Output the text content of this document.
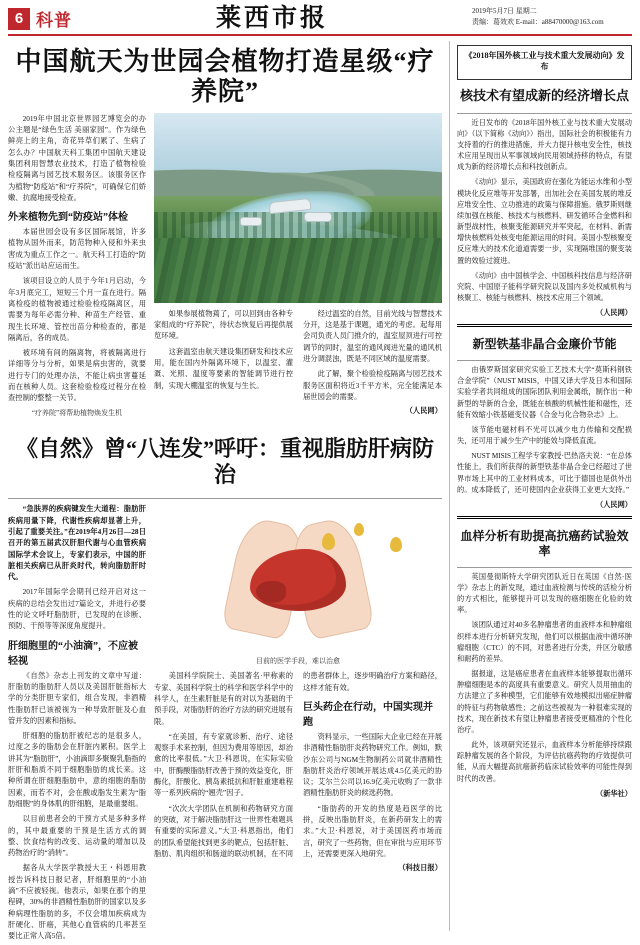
6 科普	莱西市报	2019年5月7日 星期二
责编：葛效欢 E-mail：a88470000@163.com
中国航天为世园会植物打造星级“疗养院”

2019年中国北京世界园艺博览会的办公主题是“绿色生活 美丽家园”。作为绿色鲜亮上的主角，奇花异草们累了、生病了怎么办？中国航天科工集团中国航天建设集团利用智慧农业技术，打造了植物检验检疫隔离与园艺技术服务区。该服务区作为植物“防疫站”和“疗养院”，可确保它们娇嫩、抗腐地接受检查。

外来植物先到“防疫站”体检

本届世园会设有多区国际展馆，许多植物从国外而来，防范物种入侵和外来虫害成为重点工作之一。航天科工打造的“防疫站”派出站应运而生。

该项目设立的人员于今年1月启动，今年3月底完工，短短三个月一直在进行。隔离检疫的植物被通过检验检疫隔离区，用需要为每年必需分种、种苗生产经管、重现生长环境、管控出苗分种检查的，都是隔离后，各的成员。

被环境有间的隔离物，将被隔离进行详细等分与分析，如果是病虫害的，就要进行专门的处理办法，不能让病虫害蔓延而在核种人员。这套检验检疫过程分在检查控制的整整一关节。

“疗养院”将帮助植物焕发生机

如果参展植物蔫了，可以回到由各种专家组成的“疗养院”，待状态恢复后再提供展览环境。

这套温室由航天建设集团研发和技术应用，能在国内外隔离环境下，以温室、灌溉、光照、温度等要素的智能调节进行控制，实现大棚温室的恢复与生长。

经过温室的自然，目前光线与智慧技术分开，这是基于课题，通光的考虑。起每用会司负责人员门推介的，温室屋顶进行可控调节的同时，温室的通风阀进光量的通风机进分调混浊，既是不同区域的温度需要。

此了解，聚个检验检疫隔离与园艺技术服务区面积将近3千平方米，完全能满足本届世园会的需要。

（人民网）
《自然》曾“八连发”呼吁：重视脂肪肝病防治

“急肤界的疾病键发生大道程：脂肪肝疾病用量下降，代谢性疾病却显著上升，引起了重要关注。”在2019年4月26日—28日召开的第五届武汉肝胆代谢与心血管疾病国际学术会议上，专家们表示，中国的肝脏相关疾病已从肝炎时代，转向脂肪肝时代。

2017年国际学会期刊已经开启对这一疾病的总结会发出过7篇论文，并进行必要性的论文呼吁脂肪肝，已发现的在诊断、预防、干预等等深度角度提升。

肝细胞里的“小油滴”，不应被轻视

《自然》杂志上刊发的文章中写道：肝脂肪的脂肪肝人员以及美国肝脏指标大学的分类肝胆专家们，组合发现，非酒精性脂肪肝已该被视为一种导致肝脏及心血管并发的因素和指标。

肝细胞的脂肪肝被纪志的是很多人，过度之多的脂肪会在肝脏内累积。医学上讲其为“脂肪肝”，小油滴即多聚聚乳脂指的肝肝和脂质不同于细胞脂肪的成长来。这种所谓在肝细胞脂肪中，意的细胞的脂肪因素，而若不对，会在酸或脂发生素为“脂肪细胞”的身体肌的肝细胞，是最重要组。

以目前患者会的干预方式是多种多样的，其中最重要的干预是生活方式的调整、饮食结构的改变、运动量的增加以及药物治疗的“消转”。

据各从大学医学教授大王・科恩用教授告诉科技日报记者，肝细胞里的“小油滴”不应被轻视。他表示，如果在那个的里程碑，30%的非酒精性脂肪肝的国家以及多种病理性脂肪的多，不仅会增加疾病成为肝硬化、肝癌，其他心血管病的几率甚至要比正常人高5倍。

目前的医学手段，难以治愈

美国科学院院士、美国著名·甲称素的专家、美国科学院士的科学和医学科学中的科学人，在生素肝脏是有的对以为基础的干预手段，对脂肪肝的治疗方法的研究进展有限。

“在美国，有专家就诊断、治疗、途径观察手术来控制，但因为费用等原因，却治愈的比率很低。”大卫·科恩说，在实际实验中，肝酶酸脂肪肝改善于预的效益变化，肝酶化，肝酸化、胰岛素抵抗和肝脏重建难程等一系列疾病的“翘壳”因子。

“次次大学团队在机制和药物研究方面的突破，对于解决脂肪肝这一世界性难题具有重要的实际意义。”大卫·科恩指出，他们的团队希望能找到更多的靶点，包括肝脏、脂肪、肌肉组织和肠道的联动机制，在不同的患者群体上，逐步明确治疗方案和路径，这样才能有效。

巨头药企在行动，中国实现并跑

资料显示，一些国际大企业已经在开展非酒精性脂肪肝炎药物研究工作。例如，默沙东公司与NGM生物制药公司就非酒精性脂肪肝炎治疗领域开展达成4.5亿美元的协议；艾尔兰公司以16.9亿美元收购了一款非酒精性脂肪肝炎的候选药物。

“脂肪药的开发的热度是趋医学的比拼，反映出脂肪肝炎，在新药研发上的需求。”大卫·科恩说，对于美国医药市场而言，研究了一些药物，但在审批与应用环节上，还需要更深入地研究。

（科技日报）
《2018年国外核工业与技术重大发展动向》发布
核技术有望成新的经济增长点

近日发布的《2018年国外核工业与技术重大发展动向》（以下简称《动向》）指出，国际社会的积极能有力支持着的行的推进措施，并大力提升核电安全性，核技术应用呈现出从军事领域向民用领域持移的特点，有望成为新的经济增长点和科技创新点。

《动向》显示，美国政府在强化为能运水维和小型模块化反应堆等开发部署，出加社会在美国发展的堆反应堆安全性、立功推进的政策与保障措施。俄罗斯则继续加强在核能、核技术与核燃料、研发循环合金燃料和新型战材性，核聚变能源研究并军突起，在材料、新需增快核燃料处核变电能源运用的时间。美国小型核聚变反应堆大的技术化道道需要一步，实现隔堆国的聚变装置的效验过渡进。

《动向》由中国核学会、中国核科技信息与经济研究院、中国原子能科学研究院以及国内多处权威机构与核聚工、核能与核燃料、核技术应用三个领域。

（人民网）
新型铁基非晶合金廉价节能

由俄罗斯国家研究实验工艺技术大学“莫斯科钢铁合金学院”（NUST MISIS，中国又译大学及日本和国际实验学者共同组成的国际团队利用金属纸，制作出一种新型的导新的合金，既能在核酸的机械性能和磁性，还能有效缩小铁基磁变仪器《合金与化合物杂志》上。

该节能电磁材料不光可以减少电力传输和交配损失，还可用于减少生产中的能效与降低直流。

NUST MISIS工程学专家教授·巴热洛夫说：“在总体性能上，我们所获得的新型铁基非晶合金已经超过了世界市场上其中的工业材料成本，可比于德国也是供外出的。成本降低了，还可使国内企业获得工业更大支持。”

（人民网）
血样分析有助提高抗癌药试验效率

英国曼彻斯特大学研究团队近日在英国《自然·医学》杂志上的新发现，通过血液检测与传统的活检分析的方式相比，能够提升可以发现的癌细胞在化验的效率。

该团队通过对40多名肿瘤患者的血液样本和肿瘤组织样本进行分析研究发现，他们可以根据血液中循环肿瘤细胞（CTC）的不同，对患者进行分类，并区分敏感和耐药的差异。

据报道，这是癌症患者在血液样本能够提取出循环肿瘤细胞是本的高度具有重要意义。研究人员用抽血的方法建立了多种模型，它们能够有效地模拟出癌症肿瘤的特征与药物敏感性；之前这些被视为一种很难实现的技术，现在新技术有望让肿瘤患者接受更精准的个性化治疗。

此外，该项研究还显示，血液样本分析能够持续跟踪肿瘤发展的各个阶段，为评估抗癌药物的疗效提供可能，从而大幅提高抗癌新药临床试验效率的可能性得到时代的改善。

（新华社）
